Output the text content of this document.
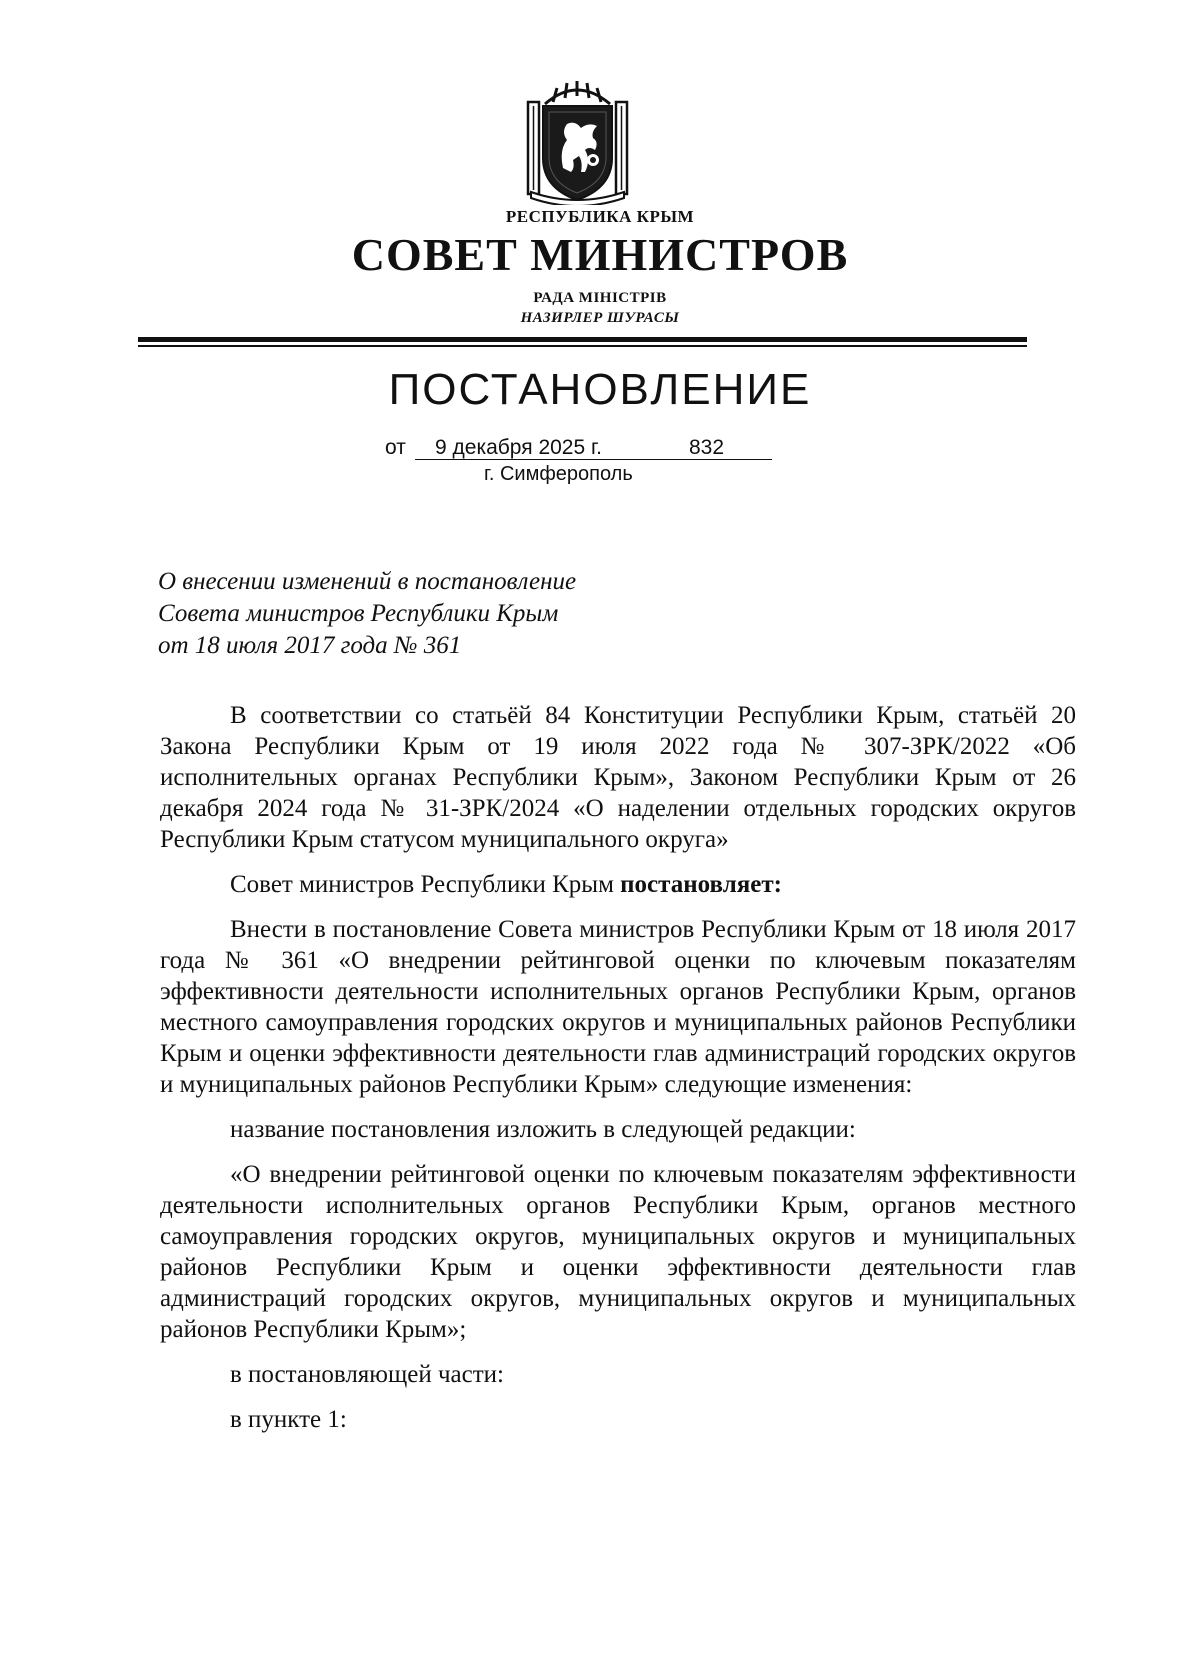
РЕСПУБЛИКА КРЫМ
СОВЕТ МИНИСТРОВ
РАДА МІНІСТРІВ
НАЗИРЛЕР ШУРАСЫ
ПОСТАНОВЛЕНИЕ
от 9 декабря 2025 г.	832
г. Симферополь
О внесении изменений в постановление
Совета министров Республики Крым
от 18 июля 2017 года № 361

В соответствии со статьёй 84 Конституции Республики Крым, статьёй 20 Закона Республики Крым от 19 июля 2022 года № 307-ЗРК/2022 «Об исполнительных органах Республики Крым», Законом Республики Крым от 26 декабря 2024 года № 31-ЗРК/2024 «О наделении отдельных городских округов Республики Крым статусом муниципального округа»

Совет министров Республики Крым постановляет:

Внести в постановление Совета министров Республики Крым от 18 июля 2017 года № 361 «О внедрении рейтинговой оценки по ключевым показателям эффективности деятельности исполнительных органов Республики Крым, органов местного самоуправления городских округов и муниципальных районов Республики Крым и оценки эффективности деятельности глав администраций городских округов и муниципальных районов Республики Крым» следующие изменения:

название постановления изложить в следующей редакции:

«О внедрении рейтинговой оценки по ключевым показателям эффективности деятельности исполнительных органов Республики Крым, органов местного самоуправления городских округов, муниципальных округов и муниципальных районов Республики Крым и оценки эффективности деятельности глав администраций городских округов, муниципальных округов и муниципальных районов Республики Крым»;

в постановляющей части:

в пункте 1:
